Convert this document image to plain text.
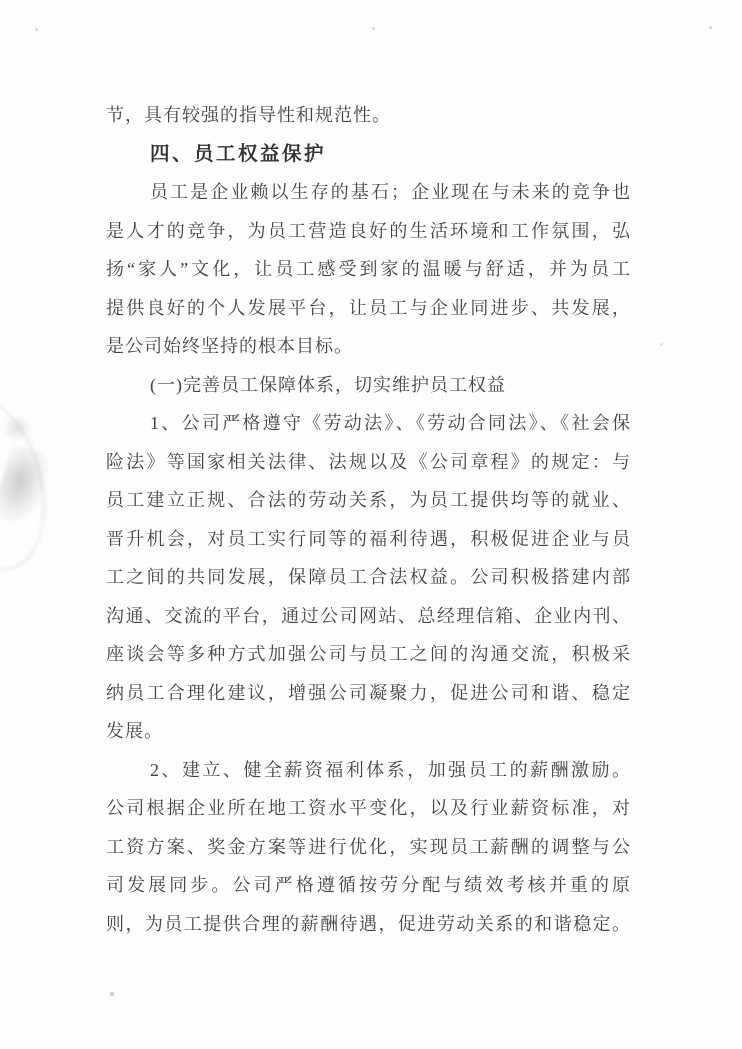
节，具有较强的指导性和规范性。
四、员工权益保护
员工是企业赖以生存的基石；企业现在与未来的竞争也
是人才的竞争，为员工营造良好的生活环境和工作氛围，弘
扬“家人”文化，让员工感受到家的温暖与舒适，并为员工
提供良好的个人发展平台，让员工与企业同进步、共发展，
是公司始终坚持的根本目标。
(一)完善员工保障体系，切实维护员工权益
1、公司严格遵守《劳动法》、《劳动合同法》、《社会保
险法》等国家相关法律、法规以及《公司章程》的规定：与
员工建立正规、合法的劳动关系，为员工提供均等的就业、
晋升机会，对员工实行同等的福利待遇，积极促进企业与员
工之间的共同发展，保障员工合法权益。公司积极搭建内部
沟通、交流的平台，通过公司网站、总经理信箱、企业内刊、
座谈会等多种方式加强公司与员工之间的沟通交流，积极采
纳员工合理化建议，增强公司凝聚力，促进公司和谐、稳定
发展。
2、建立、健全薪资福利体系，加强员工的薪酬激励。
公司根据企业所在地工资水平变化，以及行业薪资标准，对
工资方案、奖金方案等进行优化，实现员工薪酬的调整与公
司发展同步。公司严格遵循按劳分配与绩效考核并重的原
则，为员工提供合理的薪酬待遇，促进劳动关系的和谐稳定。
